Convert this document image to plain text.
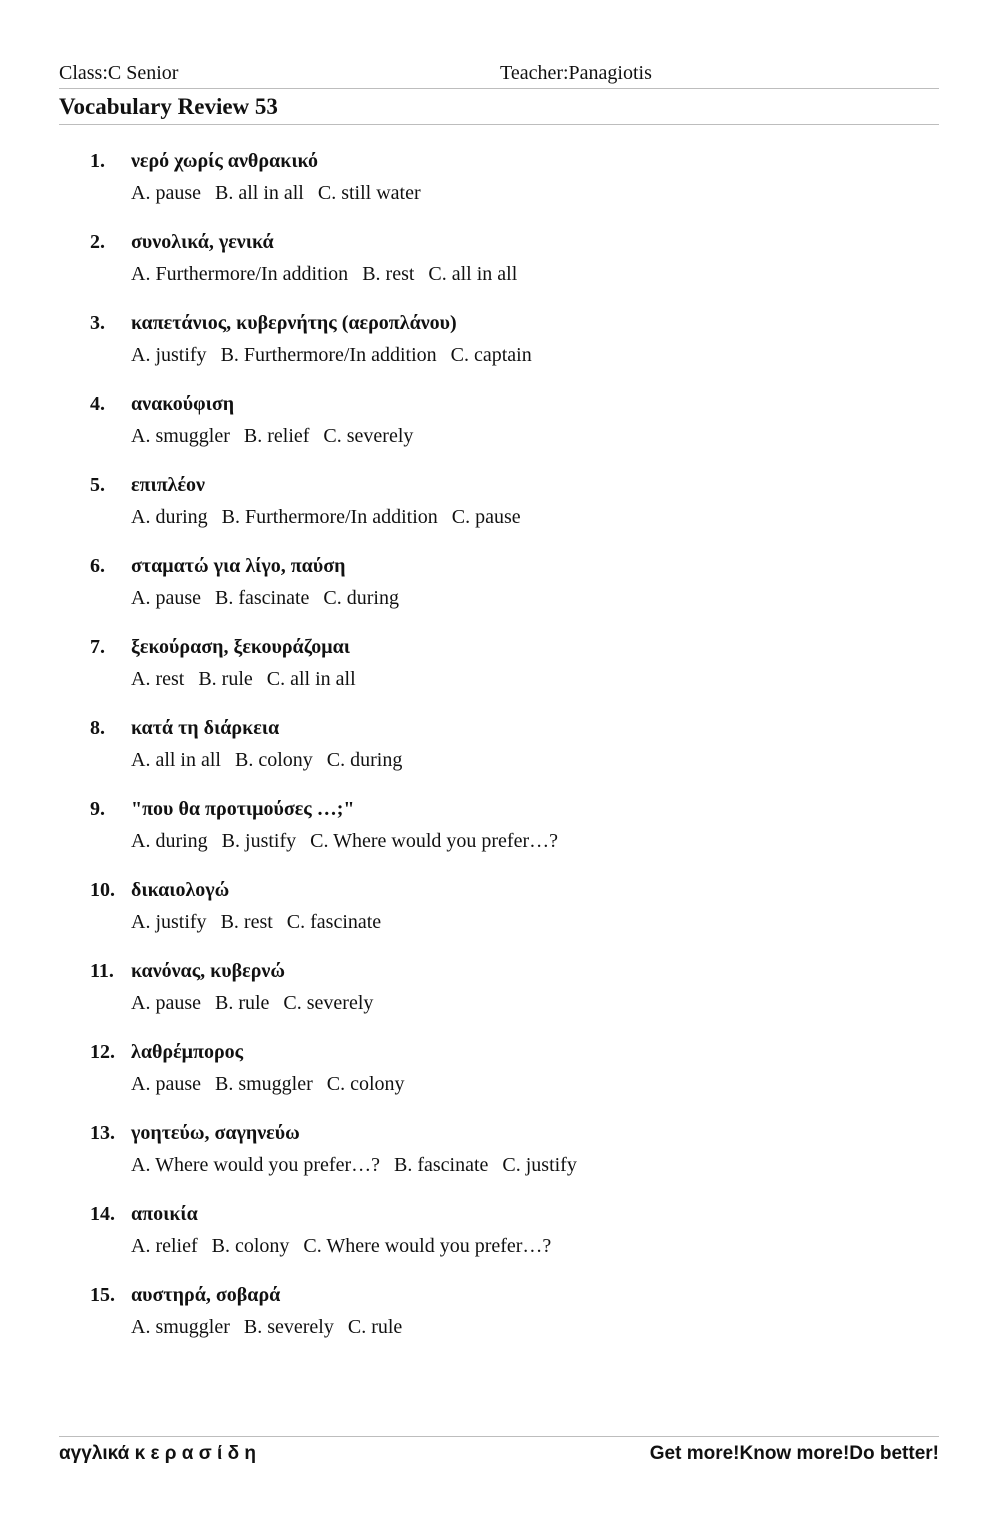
Class:C Senior	Teacher:Panagiotis
Vocabulary Review 53
1.	νερό χωρίς ανθρακικό
A. pause B. all in all C. still water
2.	συνολικά, γενικά
A. Furthermore/In addition B. rest C. all in all
3.	καπετάνιος, κυβερνήτης (αεροπλάνου)
A. justify B. Furthermore/In addition C. captain
4.	ανακούφιση
A. smuggler B. relief C. severely
5.	επιπλέον
A. during B. Furthermore/In addition C. pause
6.	σταματώ για λίγο, παύση
A. pause B. fascinate C. during
7.	ξεκούραση, ξεκουράζομαι
A. rest B. rule C. all in all
8.	κατά τη διάρκεια
A. all in all B. colony C. during
9.	"που θα προτιμούσες …;"
A. during B. justify C. Where would you prefer…?
10. δικαιολογώ
A. justify B. rest C. fascinate
11. κανόνας, κυβερνώ
A. pause B. rule C. severely
12. λαθρέμπορος
A. pause B. smuggler C. colony
13. γοητεύω, σαγηνεύω
A. Where would you prefer…? B. fascinate C. justify
14. αποικία
A. relief B. colony C. Where would you prefer…?
15. αυστηρά, σοβαρά
A. smuggler B. severely C. rule
αγγλικά κ ε ρ α σ ί δ η	Get more!Know more!Do better!
